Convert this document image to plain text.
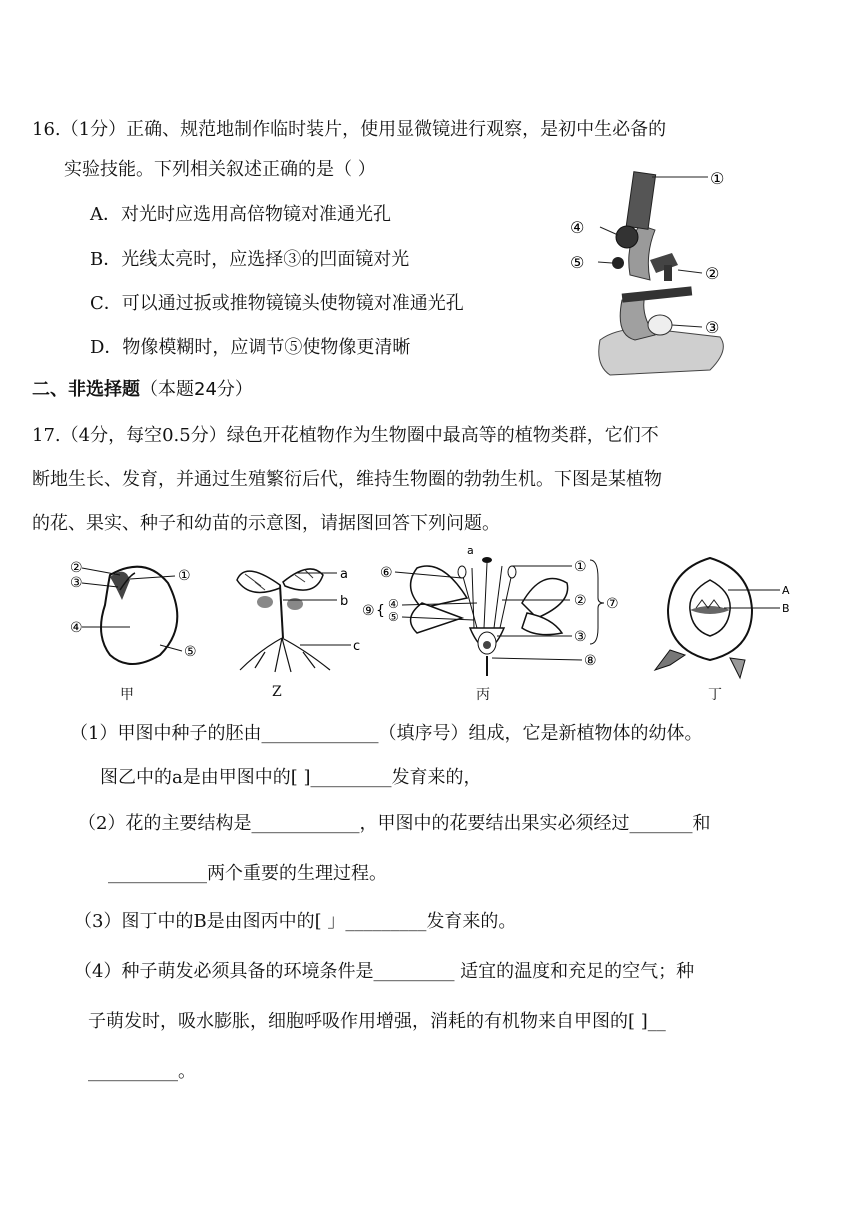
16.（1分）正确、规范地制作临时装片，使用显微镜进行观察，是初中生必备的
实验技能。下列相关叙述正确的是（ ）
A．对光时应选用高倍物镜对准通光孔
B．光线太亮时，应选择③的凹面镜对光
C．可以通过扳或推物镜镜头使物镜对准通光孔
D．物像模糊时，应调节⑤使物像更清晰
①
④
⑤
②
③
二、非选择题（本题24分）
17.（4分，每空0.5分）绿色开花植物作为生物圈中最高等的植物类群，它们不
断地生长、发育，并通过生殖繁衍后代，维持生物圈的勃勃生机。下图是某植物
的花、果实、种子和幼苗的示意图，请据图回答下列问题。
②
③	①
④
⑤
甲
a
b
c
Z
a
⑥
⑨ { ④
⑤
①
② ⑦
③
⑧
丙
A
B
丁
（1）甲图中种子的胚由_____________（填序号）组成，它是新植物体的幼体。
图乙中的a是由甲图中的[ ]_________发育来的，
（2）花的主要结构是____________，甲图中的花要结出果实必须经过_______和
___________两个重要的生理过程。
（3）图丁中的B是由图丙中的[ 」_________发育来的。
（4）种子萌发必须具备的环境条件是_________ 适宜的温度和充足的空气；种
子萌发时，吸水膨胀，细胞呼吸作用增强，消耗的有机物来自甲图的[ ]__
__________。
